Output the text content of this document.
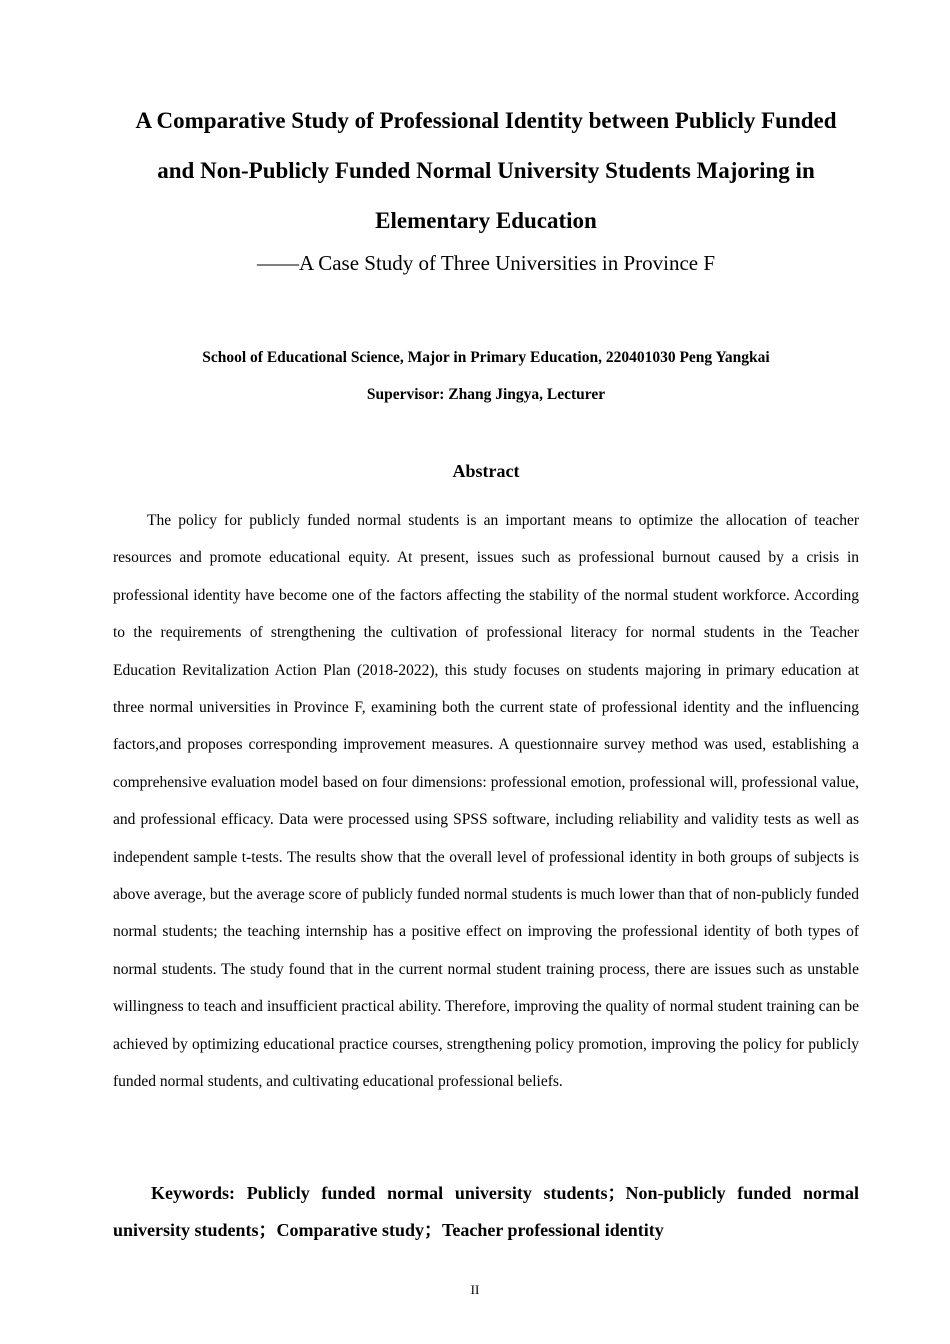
A Comparative Study of Professional Identity between Publicly Funded
and Non-Publicly Funded Normal University Students Majoring in
Elementary Education
——A Case Study of Three Universities in Province F
School of Educational Science, Major in Primary Education, 220401030 Peng Yangkai
Supervisor: Zhang Jingya, Lecturer
Abstract

The policy for publicly funded normal students is an important means to optimize the allocation of teacher resources and promote educational equity. At present, issues such as professional burnout caused by a crisis in professional identity have become one of the factors affecting the stability of the normal student workforce. According to the requirements of strengthening the cultivation of professional literacy for normal students in the Teacher Education Revitalization Action Plan (2018-2022), this study focuses on students majoring in primary education at three normal universities in Province F, examining both the current state of professional identity and the influencing factors,and proposes corresponding improvement measures. A questionnaire survey method was used, establishing a comprehensive evaluation model based on four dimensions: professional emotion, professional will, professional value, and professional efficacy. Data were processed using SPSS software, including reliability and validity tests as well as independent sample t-tests. The results show that the overall level of professional identity in both groups of subjects is above average, but the average score of publicly funded normal students is much lower than that of non-publicly funded normal students; the teaching internship has a positive effect on improving the professional identity of both types of normal students. The study found that in the current normal student training process, there are issues such as unstable willingness to teach and insufficient practical ability. Therefore, improving the quality of normal student training can be achieved by optimizing educational practice courses, strengthening policy promotion, improving the policy for publicly funded normal students, and cultivating educational professional beliefs.

Keywords: Publicly funded normal university students；Non-publicly funded normal university students；Comparative study；Teacher professional identity

II
